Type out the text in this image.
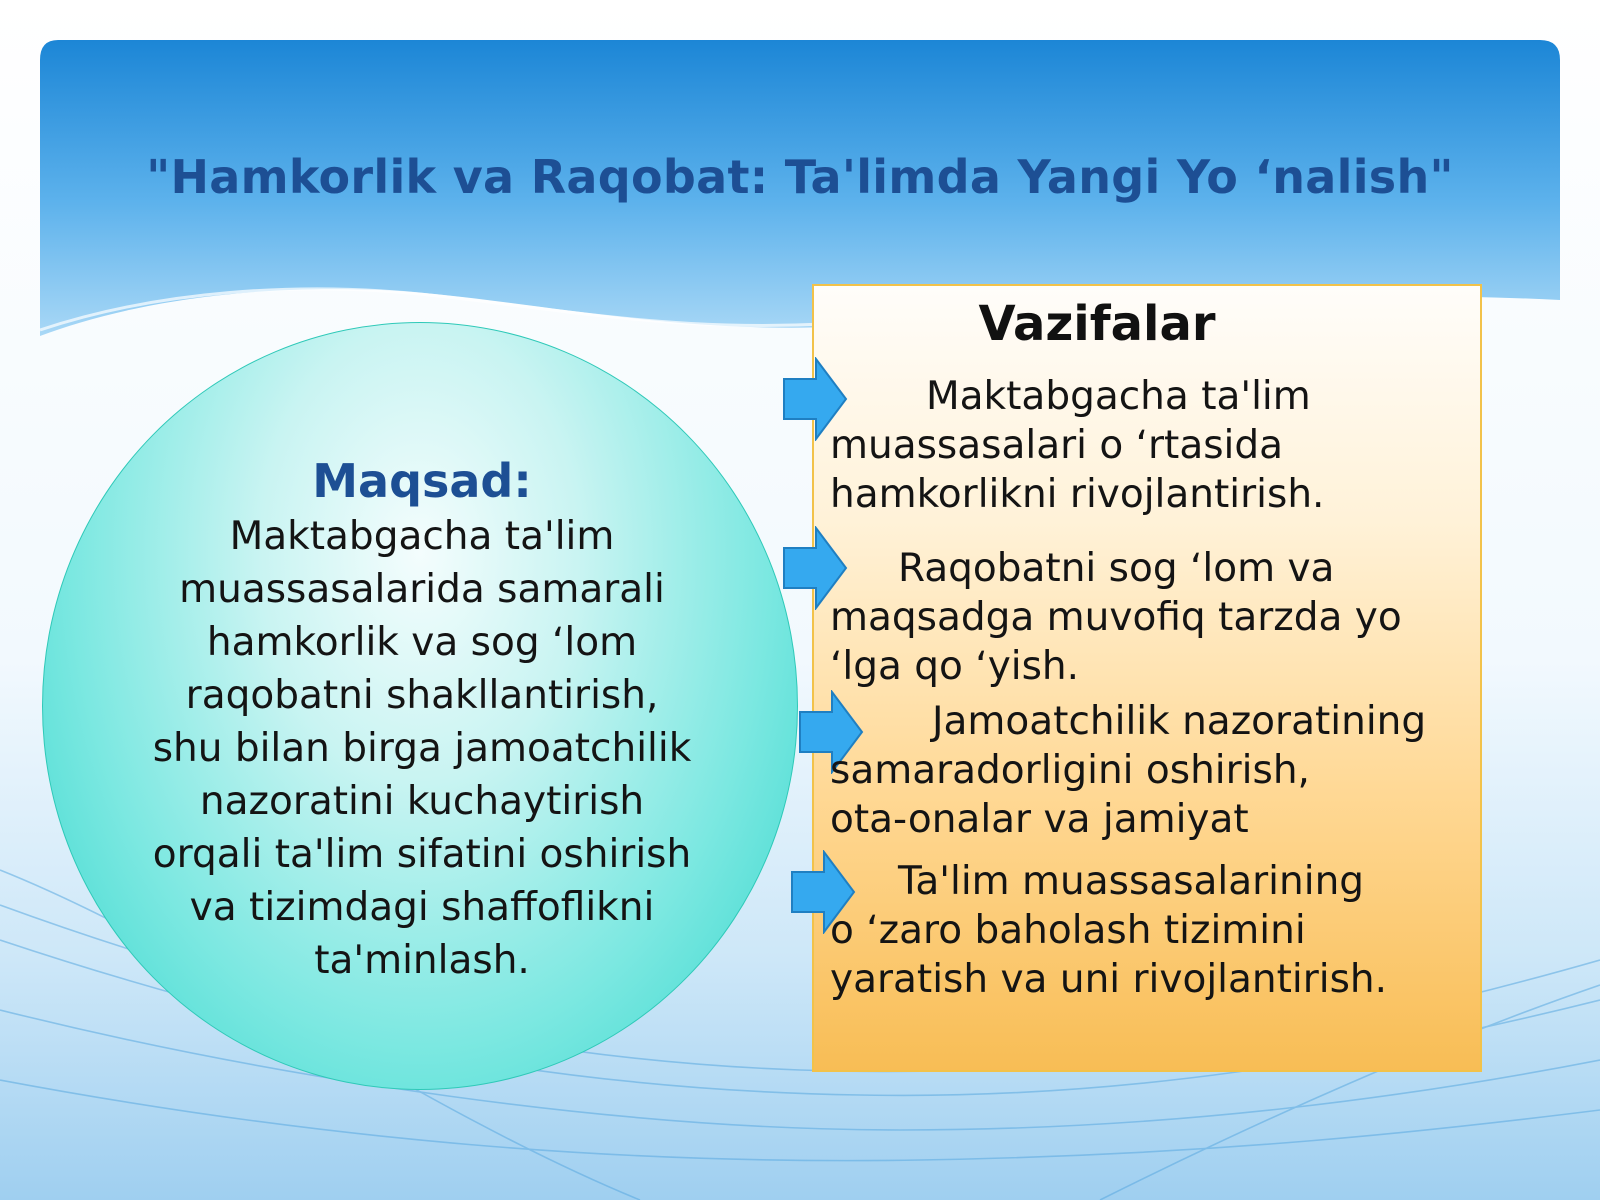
"Hamkorlik va Raqobat: Ta'limda Yangi Yo ‘nalish"
Maqsad:
Maktabgacha ta'lim muassasalarida samarali hamkorlik va sog ‘lom raqobatni shakllantirish, shu bilan birga jamoatchilik nazoratini kuchaytirish orqali ta'lim sifatini oshirish va tizimdagi shaffoflikni ta'minlash.
Vazifalar
Maktabgacha ta'lim
muassasalari o ‘rtasida
hamkorlikni rivojlantirish.
Raqobatni sog ‘lom va
maqsadga muvofiq tarzda yo
‘lga qo ‘yish.
Jamoatchilik nazoratining
samaradorligini oshirish,
ota-onalar va jamiyat
Ta'lim muassasalarining
o ‘zaro baholash tizimini
yaratish va uni rivojlantirish.
